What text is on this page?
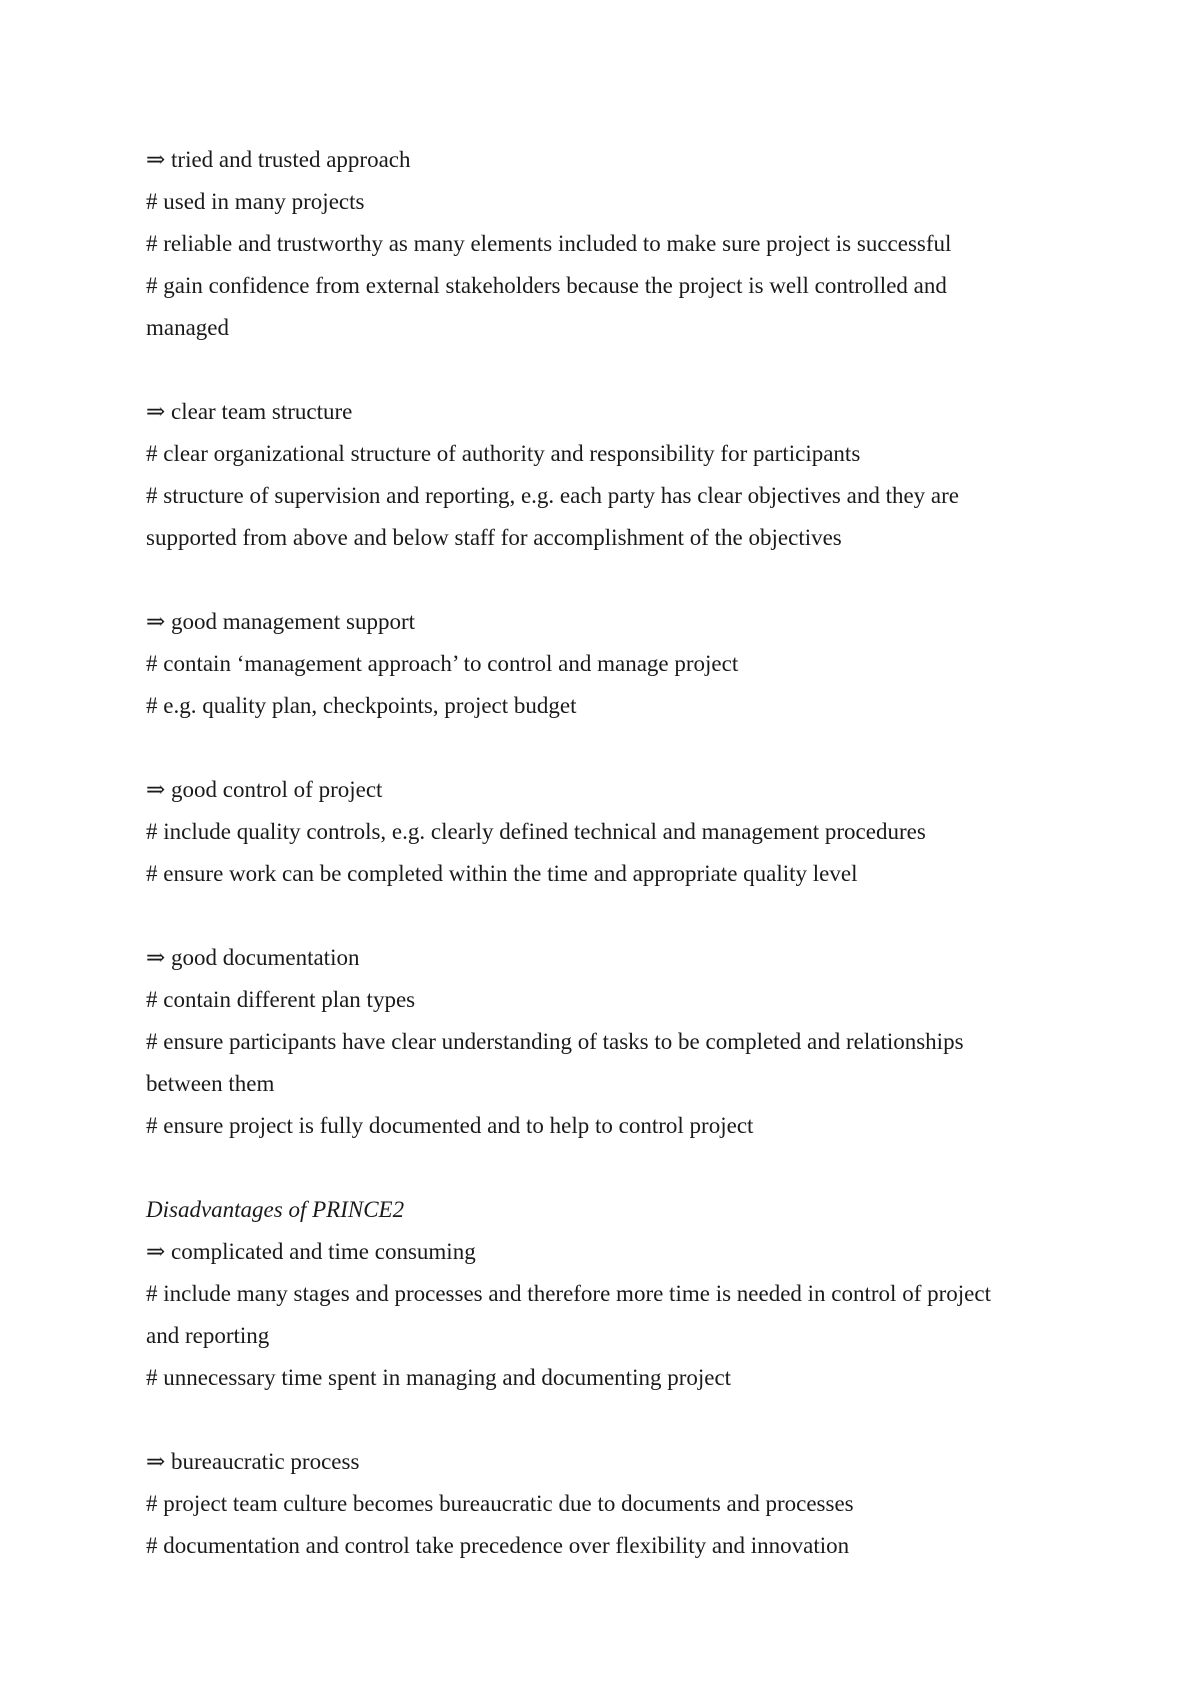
⇒ tried and trusted approach

# used in many projects

# reliable and trustworthy as many elements included to make sure project is successful

# gain confidence from external stakeholders because the project is well controlled and

managed

⇒ clear team structure

# clear organizational structure of authority and responsibility for participants

# structure of supervision and reporting, e.g. each party has clear objectives and they are

supported from above and below staff for accomplishment of the objectives

⇒ good management support

# contain ‘management approach’ to control and manage project

# e.g. quality plan, checkpoints, project budget

⇒ good control of project

# include quality controls, e.g. clearly defined technical and management procedures

# ensure work can be completed within the time and appropriate quality level

⇒ good documentation

# contain different plan types

# ensure participants have clear understanding of tasks to be completed and relationships

between them

# ensure project is fully documented and to help to control project

Disadvantages of PRINCE2

⇒ complicated and time consuming

# include many stages and processes and therefore more time is needed in control of project

and reporting

# unnecessary time spent in managing and documenting project

⇒ bureaucratic process

# project team culture becomes bureaucratic due to documents and processes

# documentation and control take precedence over flexibility and innovation
